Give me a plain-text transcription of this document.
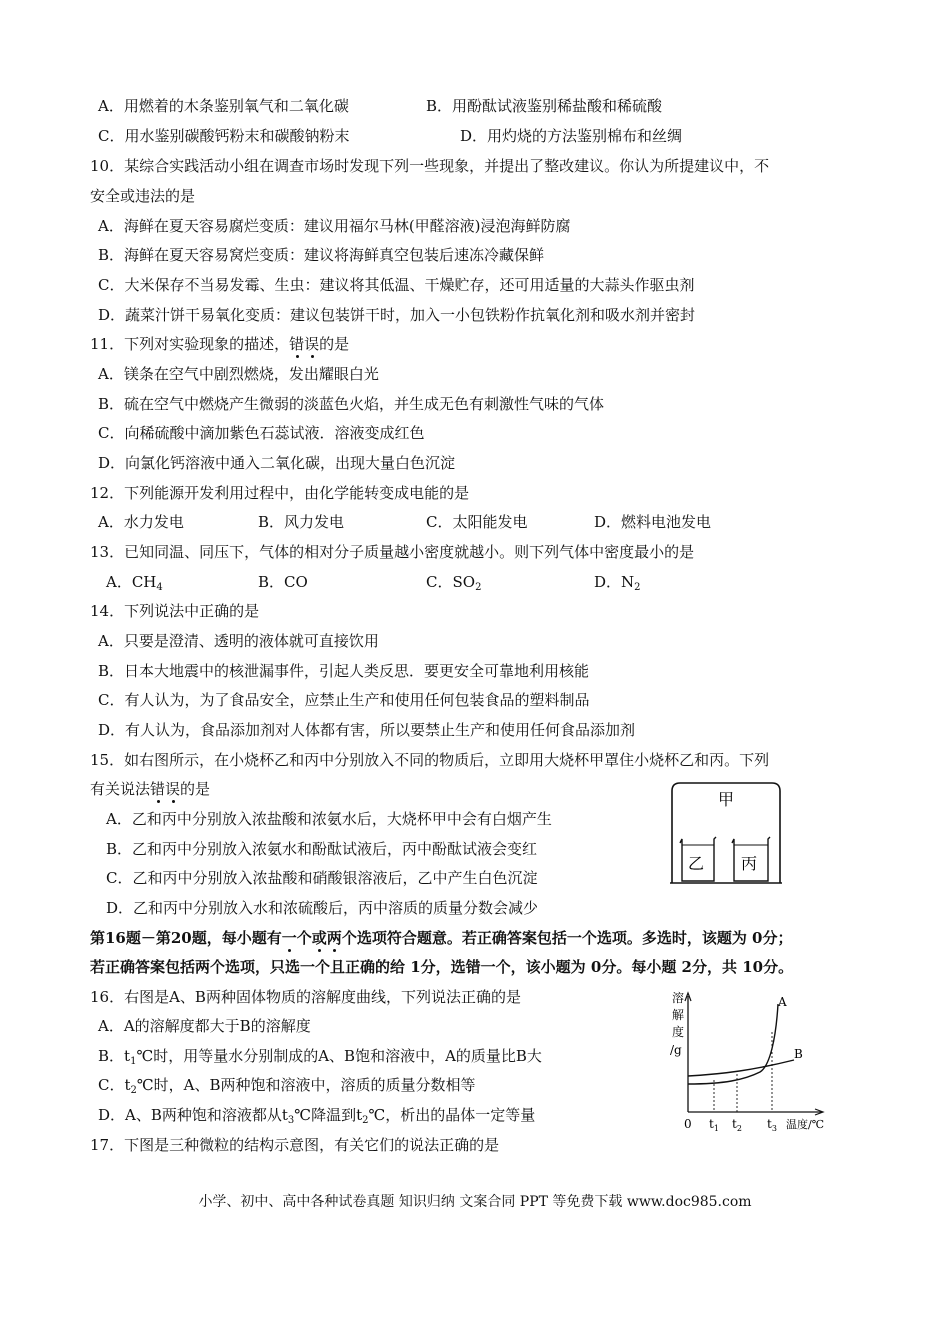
A．用燃着的木条鉴别氧气和二氧化碳	B．用酚酞试液鉴别稀盐酸和稀硫酸
C．用水鉴别碳酸钙粉末和碳酸钠粉末	D．用灼烧的方法鉴别棉布和丝绸
10．某综合实践活动小组在调查市场时发现下列一些现象，并提出了整改建议。你认为所提建议中，不
安全或违法的是
A．海鲜在夏天容易腐烂变质：建议用福尔马林(甲醛溶液)浸泡海鲜防腐
B．海鲜在夏天容易窝烂变质：建议将海鲜真空包装后速冻冷藏保鲜
C．大米保存不当易发霉、生虫：建议将其低温、干燥贮存，还可用适量的大蒜头作驱虫剂
D．蔬菜汁饼干易氧化变质：建议包装饼干时，加入一小包铁粉作抗氧化剂和吸水剂并密封
11．下列对实验现象的描述，错误的是
A．镁条在空气中剧烈燃烧，发出耀眼白光
B．硫在空气中燃烧产生微弱的淡蓝色火焰，并生成无色有刺激性气味的气体
C．向稀硫酸中滴加紫色石蕊试液．溶液变成红色
D．向氯化钙溶液中通入二氧化碳，出现大量白色沉淀
12．下列能源开发利用过程中，由化学能转变成电能的是
A．水力发电	B．风力发电	C．太阳能发电	D．燃料电池发电
13．已知同温、同压下，气体的相对分子质量越小密度就越小。则下列气体中密度最小的是
A．$CH_4$	B．CO	C．$SO_2$	D．$N_2$
14．下列说法中正确的是
A．只要是澄清、透明的液体就可直接饮用
B．日本大地震中的核泄漏事件，引起人类反思．要更安全可靠地利用核能
C．有人认为，为了食品安全，应禁止生产和使用任何包装食品的塑料制品
D．有人认为，食品添加剂对人体都有害，所以要禁止生产和使用任何食品添加剂
15．如右图所示，在小烧杯乙和丙中分别放入不同的物质后，立即用大烧杯甲罩住小烧杯乙和丙。下列
有关说法错误的是
A．乙和丙中分别放入浓盐酸和浓氨水后，大烧杯甲中会有白烟产生
B．乙和丙中分别放入浓氨水和酚酞试液后，丙中酚酞试液会变红
C．乙和丙中分别放入浓盐酸和硝酸银溶液后，乙中产生白色沉淀
D．乙和丙中分别放入水和浓硫酸后，丙中溶质的质量分数会减少
甲
乙 丙
第16题－第20题，每小题有一个或两个选项符合题意。若正确答案包括一个选项。多选时，该题为 0分；
若正确答案包括两个选项，只选一个且正确的给 1分，选错一个，该小题为 0分。每小题 2分，共 10分。
16．右图是A、B两种固体物质的溶解度曲线，下列说法正确的是
A．A的溶解度都大于B的溶解度
B．$t_1℃$时，用等量水分别制成的A、B饱和溶液中，A的质量比B大
C．$t_2℃$时，A、B两种饱和溶液中，溶质的质量分数相等
D．A、B两种饱和溶液都从$t_3℃$降温到$t_2℃$，析出的晶体一定等量
溶
解
度
/g
A
B
0 $t_1$ $t_2$ $t_3$ 温度/℃
17．下图是三种微粒的结构示意图，有关它们的说法正确的是
小学、初中、高中各种试卷真题 知识归纳 文案合同 PPT 等免费下载 www.doc985.com
